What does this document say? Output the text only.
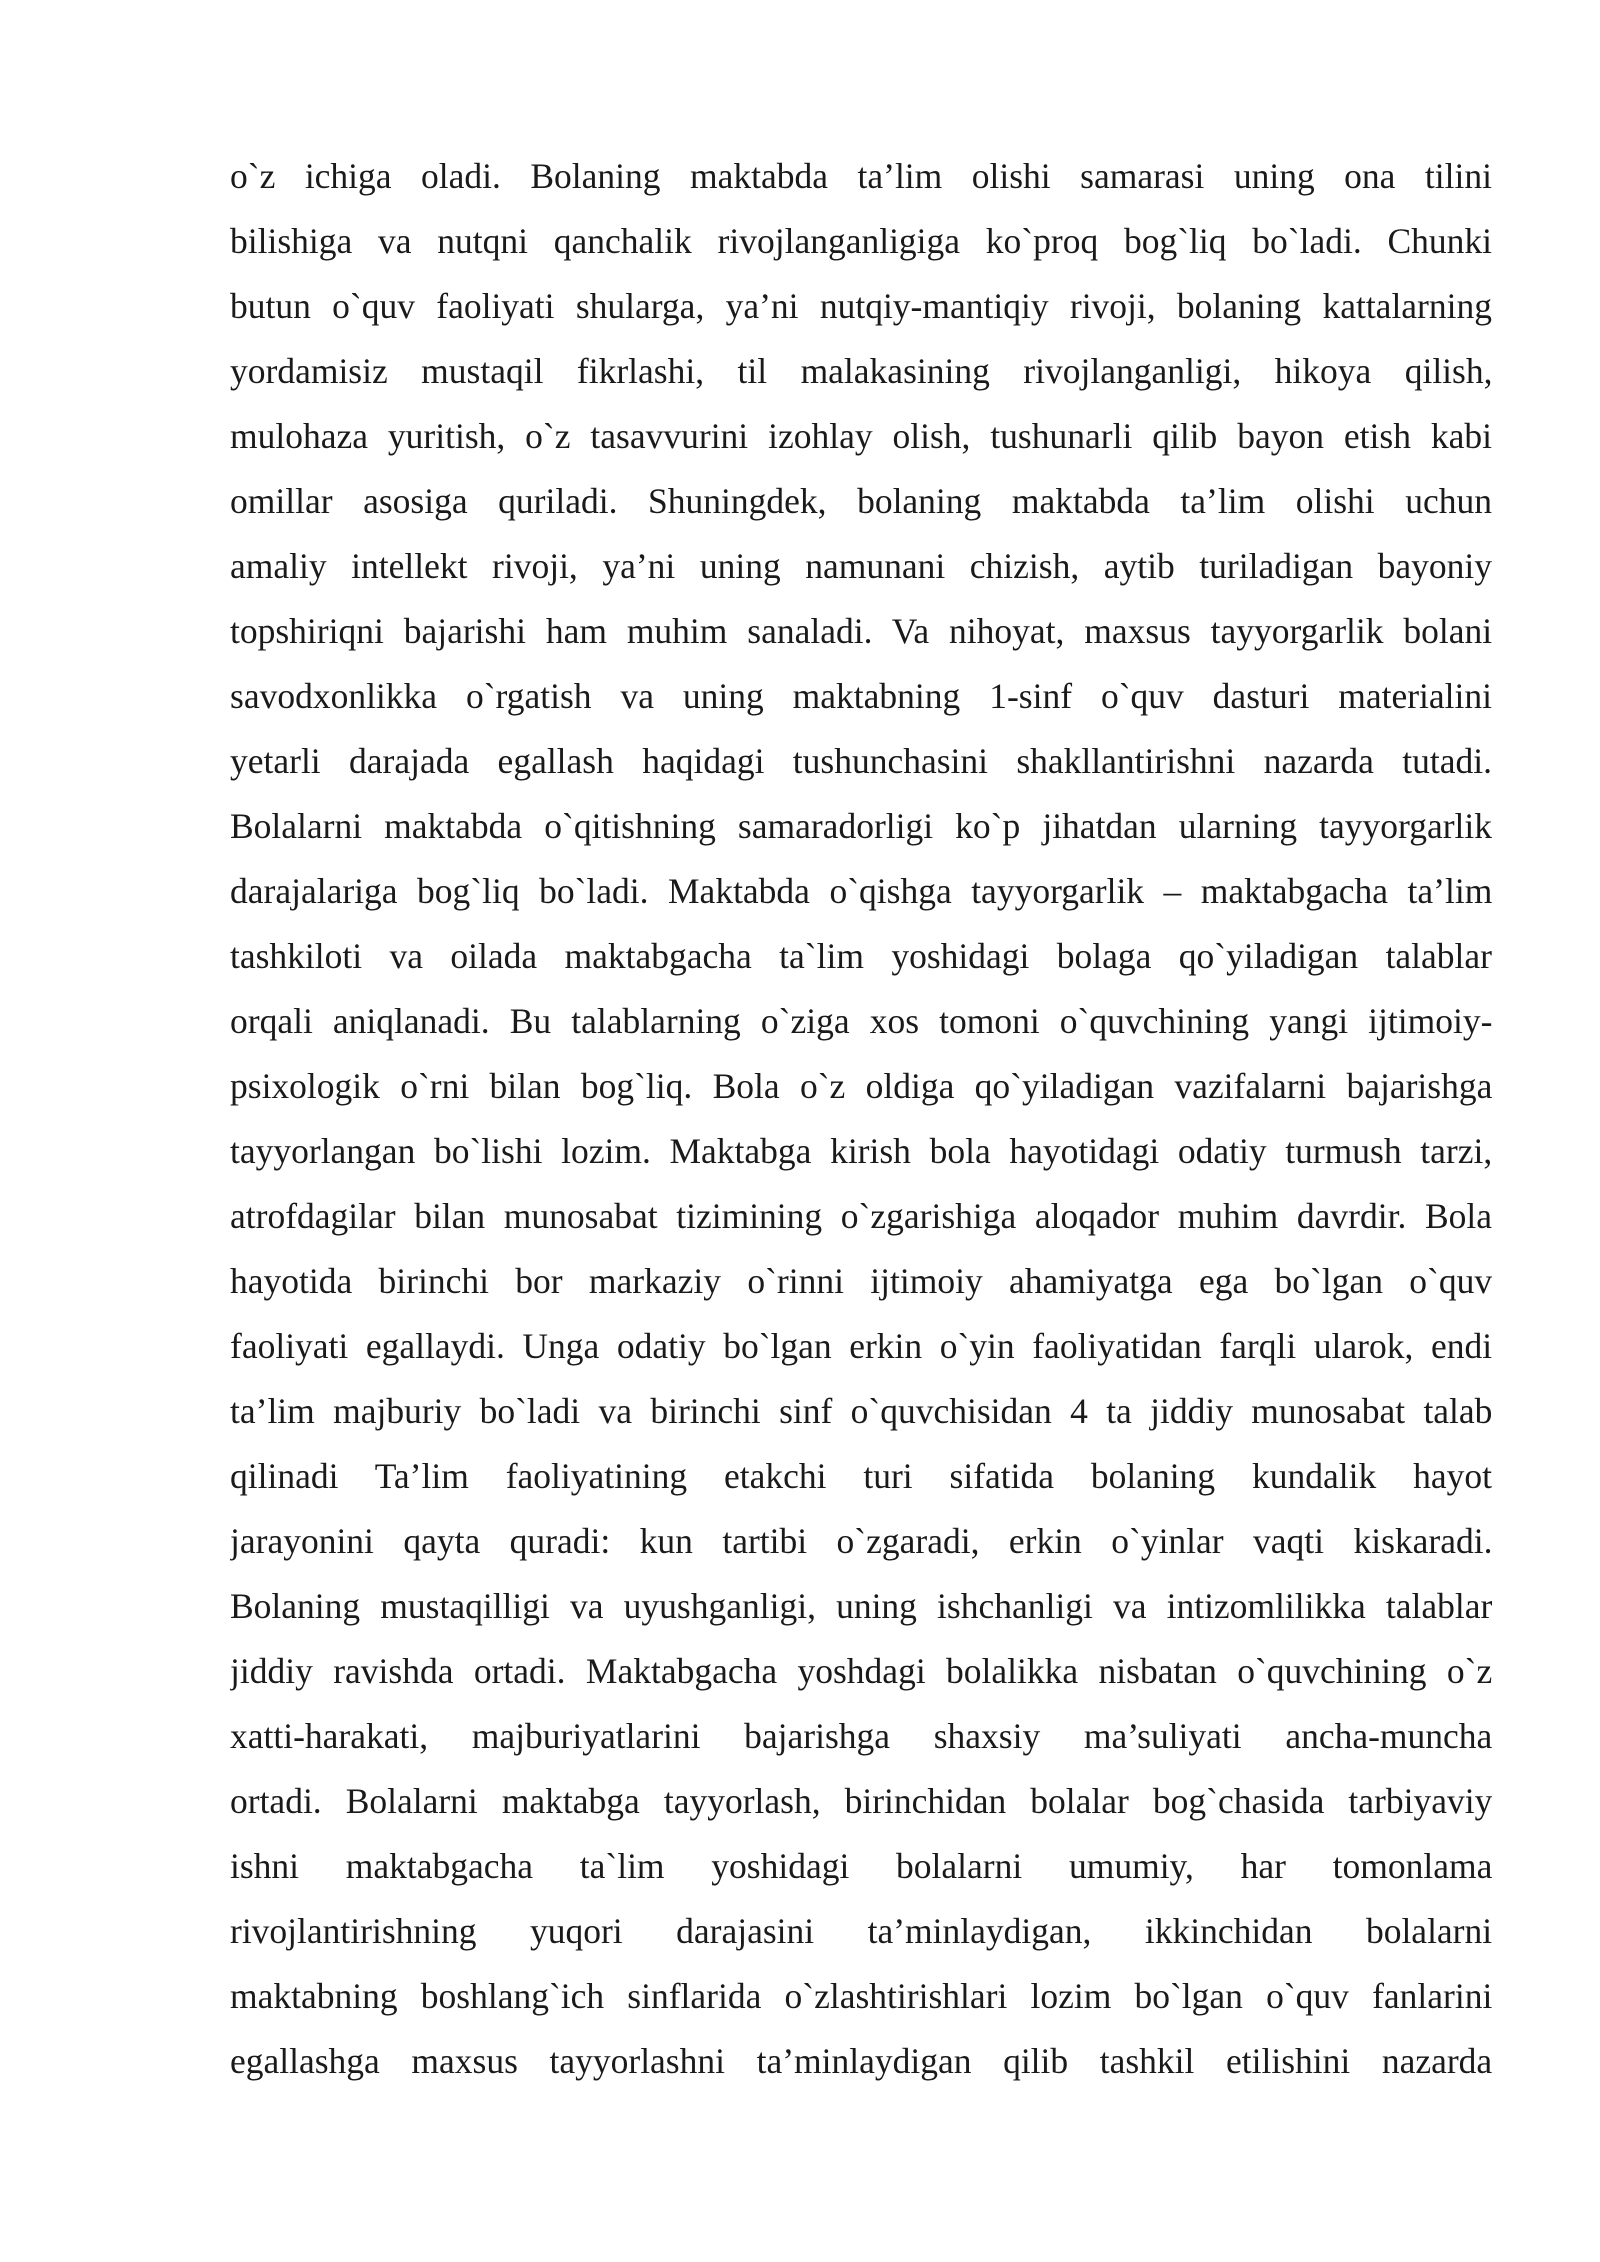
o`z ichiga oladi. Bolaning maktabda ta’lim olishi samarasi uning ona tilini
bilishiga va nutqni qanchalik rivojlanganligiga ko`proq bog`liq bo`ladi. Chunki
butun o`quv faoliyati shularga, ya’ni nutqiy-mantiqiy rivoji, bolaning kattalarning
yordamisiz mustaqil fikrlashi, til malakasining rivojlanganligi, hikoya qilish,
mulohaza yuritish, o`z tasavvurini izohlay olish, tushunarli qilib bayon etish kabi
omillar asosiga quriladi. Shuningdek, bolaning maktabda ta’lim olishi uchun
amaliy intellekt rivoji, ya’ni uning namunani chizish, aytib turiladigan bayoniy
topshiriqni bajarishi ham muhim sanaladi. Va nihoyat, maxsus tayyorgarlik bolani
savodxonlikka o`rgatish va uning maktabning 1-sinf o`quv dasturi materialini
yetarli darajada egallash haqidagi tushunchasini shakllantirishni nazarda tutadi.
Bolalarni maktabda o`qitishning samaradorligi ko`p jihatdan ularning tayyorgarlik
darajalariga bog`liq bo`ladi. Maktabda o`qishga tayyorgarlik – maktabgacha ta’lim
tashkiloti va oilada maktabgacha ta`lim yoshidagi bolaga qo`yiladigan talablar
orqali aniqlanadi. Bu talablarning o`ziga xos tomoni o`quvchining yangi ijtimoiy-
psixologik o`rni bilan bog`liq. Bola o`z oldiga qo`yiladigan vazifalarni bajarishga
tayyorlangan bo`lishi lozim. Maktabga kirish bola hayotidagi odatiy turmush tarzi,
atrofdagilar bilan munosabat tizimining o`zgarishiga aloqador muhim davrdir. Bola
hayotida birinchi bor markaziy o`rinni ijtimoiy ahamiyatga ega bo`lgan o`quv
faoliyati egallaydi. Unga odatiy bo`lgan erkin o`yin faoliyatidan farqli ularok, endi
ta’lim majburiy bo`ladi va birinchi sinf o`quvchisidan 4 ta jiddiy munosabat talab
qilinadi Ta’lim faoliyatining etakchi turi sifatida bolaning kundalik hayot
jarayonini qayta quradi: kun tartibi o`zgaradi, erkin o`yinlar vaqti kiskaradi.
Bolaning mustaqilligi va uyushganligi, uning ishchanligi va intizomlilikka talablar
jiddiy ravishda ortadi. Maktabgacha yoshdagi bolalikka nisbatan o`quvchining o`z
xatti-harakati, majburiyatlarini bajarishga shaxsiy ma’suliyati ancha-muncha
ortadi. Bolalarni maktabga tayyorlash, birinchidan bolalar bog`chasida tarbiyaviy
ishni maktabgacha ta`lim yoshidagi bolalarni umumiy, har tomonlama
rivojlantirishning yuqori darajasini ta’minlaydigan, ikkinchidan bolalarni
maktabning boshlang`ich sinflarida o`zlashtirishlari lozim bo`lgan o`quv fanlarini
egallashga maxsus tayyorlashni ta’minlaydigan qilib tashkil etilishini nazarda
